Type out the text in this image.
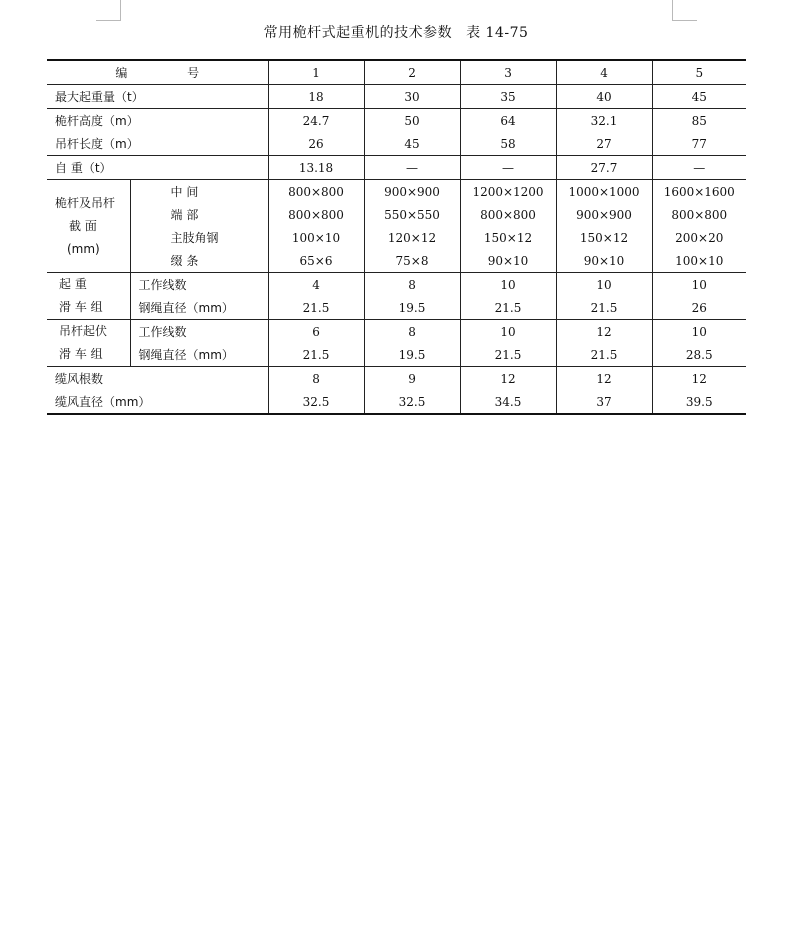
常用桅杆式起重机的技术参数 表 14-75
编 号		1	2	3	4	5
最大起重量（t）		18	30	35	40	45
桅杆高度（m）		24.7	50	64	32.1	85
吊杆长度（m）		26	45	58	27	77
自 重（t）		13.18	—	—	27.7	—

桅杆及吊杆
截 面
(mm)	中 间	800×800	900×900	1200×1200	1000×1000	1600×1600
	端 部	800×800	550×550	800×800	900×900	800×800
	主肢角钢	100×10	120×12	150×12	150×12	200×20
	缀 条	65×6	75×8	90×10	90×10	100×10

起 重
滑 车 组	工作线数	4	8	10	10	10
	钢绳直径（mm）	21.5	19.5	21.5	21.5	26

吊杆起伏
滑 车 组	工作线数	6	8	10	12	10
	钢绳直径（mm）	21.5	19.5	21.5	21.5	28.5
缆风根数		8	9	12	12	12
缆风直径（mm）		32.5	32.5	34.5	37	39.5
